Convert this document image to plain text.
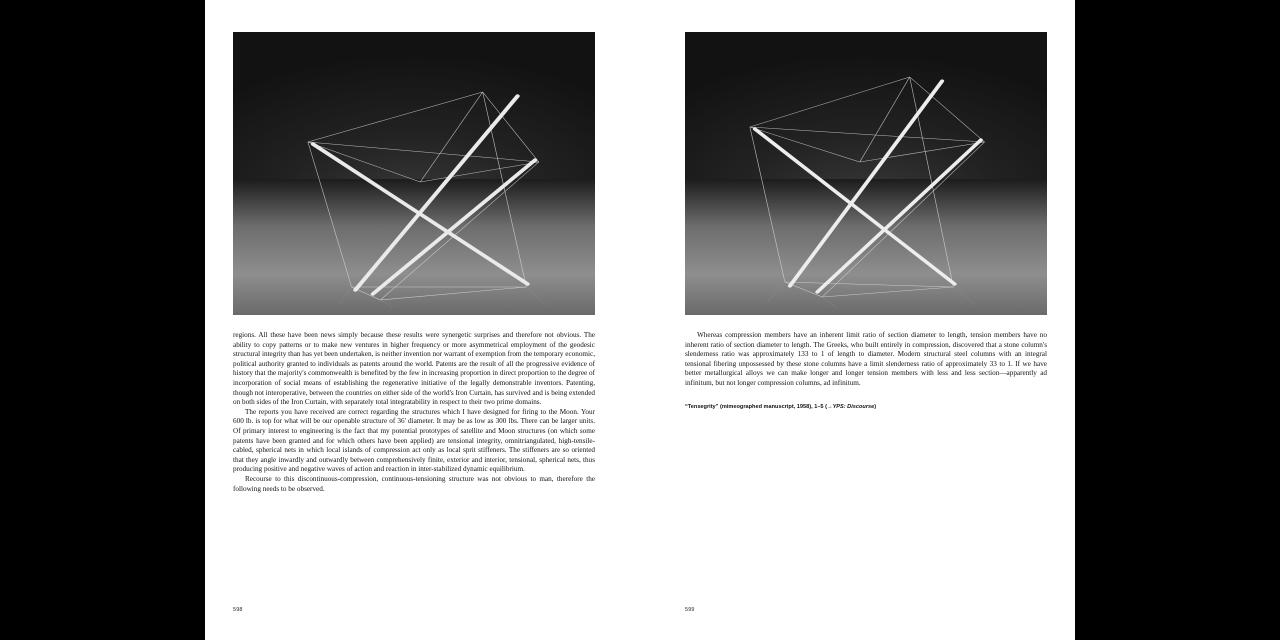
regions. All these have been news simply because these results were synergetic surprises and therefore not obvious. The ability to copy patterns or to make new ventures in higher frequency or more asymmetrical employment of the geodesic structural integrity than has yet been undertaken, is neither invention nor warrant of exemption from the temporary economic, political authority granted to individuals as patents around the world. Patents are the result of all the progressive evidence of history that the majority's commonwealth is benefited by the few in increasing proportion in direct proportion to the degree of incorporation of social means of establishing the regenerative initiative of the legally demonstrable inventors. Patenting, though not interoperative, between the countries on either side of the world's Iron Curtain, has survived and is being extended on both sides of the Iron Curtain, with separately total integratability in respect to their two prime domains.

The reports you have received are correct regarding the structures which I have designed for firing to the Moon. Your 600 lb. is top for what will be our openable structure of 36' diameter. It may be as low as 300 lbs. There can be larger units. Of primary interest to engineering is the fact that my potential prototypes of satellite and Moon structures (on which some patents have been granted and for which others have been applied) are tensional integrity, omnitriangulated, high-tensile-cabled, spherical nets in which local islands of compression act only as local sprit stiffeners. The stiffeners are so oriented that they angle inwardly and outwardly between comprehensively finite, exterior and interior, tensional, spherical nets, thus producing positive and negative waves of action and reaction in inter-stabilized dynamic equilibrium.

Recourse to this discontinuous-compression, continuous-tensioning structure was not obvious to man, therefore the following needs to be observed.

598

Whereas compression members have an inherent limit ratio of section diameter to length, tension members have no inherent ratio of section diameter to length. The Greeks, who built entirely in compression, discovered that a stone column's slenderness ratio was approximately 133 to 1 of length to diameter. Modern structural steel columns with an integral tensional fibering unpossessed by these stone columns have a limit slenderness ratio of approximately 33 to 1. If we have better metallurgical alloys we can make longer and longer tension members with less and less section—apparently ad infinitum, but not longer compression columns, ad infinitum.

“Tensegrity” (mimeographed manuscript, 1958), 1–5 (→YPS: Discourse)
599
